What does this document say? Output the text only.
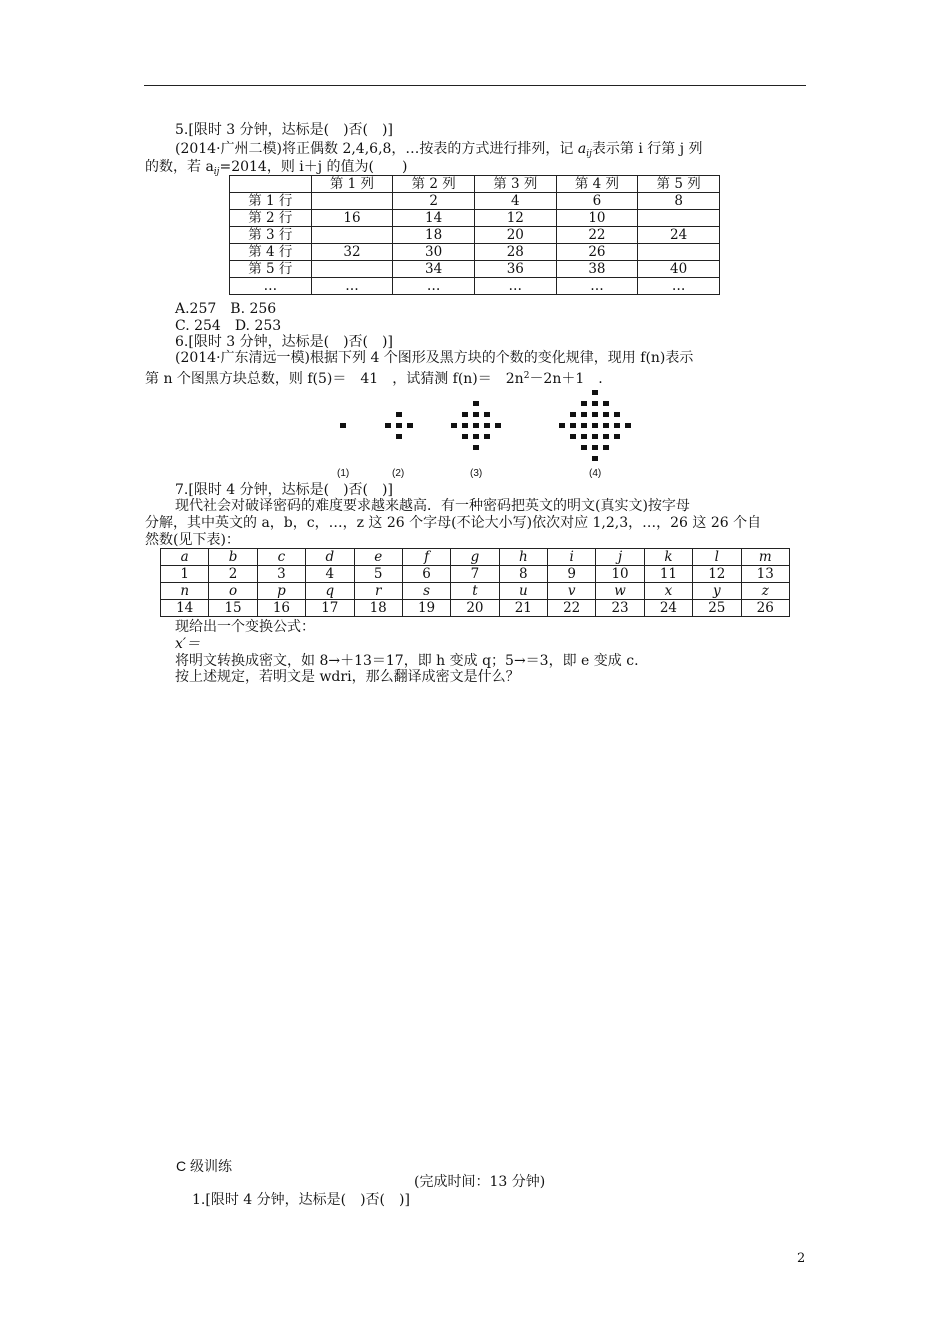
5.[限时 3 分钟，达标是(　)否(　)]
(2014·广州二模)将正偶数 2,4,6,8，…按表的方式进行排列，记 $a_{ij}$表示第 i 行第 j 列
的数，若 $a_{ij}=2014$，则 i＋j 的值为(　　)
	第 1 列	第 2 列	第 3 列	第 4 列	第 5 列
第 1 行		2	4	6	8
第 2 行	16	14	12	10	
第 3 行		18	20	22	24
第 4 行	32	30	28	26	
第 5 行		34	36	38	40
…	…	…	…	…	…
A.257　B. 256
C. 254　D. 253
6.[限时 3 分钟，达标是(　)否(　)]
(2014·广东清远一模)根据下列 4 个图形及黑方块的个数的变化规律，现用 f(n)表示
第 n 个图黑方块总数，则 f(5)＝　41　，试猜测 f(n)＝　$2n^2-2n+1$　.
(1)	(2)	(3)	(4)
7.[限时 4 分钟，达标是(　)否(　)]
现代社会对破译密码的难度要求越来越高．有一种密码把英文的明文(真实文)按字母
分解，其中英文的 a，b，c，…，z 这 26 个字母(不论大小写)依次对应 1,2,3，…，26 这 26 个自
然数(见下表)：
a	b	c	d	e	f	g	h	i	j	k	l	m
1	2	3	4	5	6	7	8	9	10	11	12	13
n	o	p	q	r	s	t	u	v	w	x	y	z
14	15	16	17	18	19	20	21	22	23	24	25	26
现给出一个变换公式：
x′＝
将明文转换成密文，如 8→＋13＝17，即 h 变成 q；5→＝3，即 e 变成 c.
按上述规定，若明文是 wdri，那么翻译成密文是什么？
C 级训练
(完成时间：13 分钟)
1.[限时 4 分钟，达标是(　)否(　)]
2
